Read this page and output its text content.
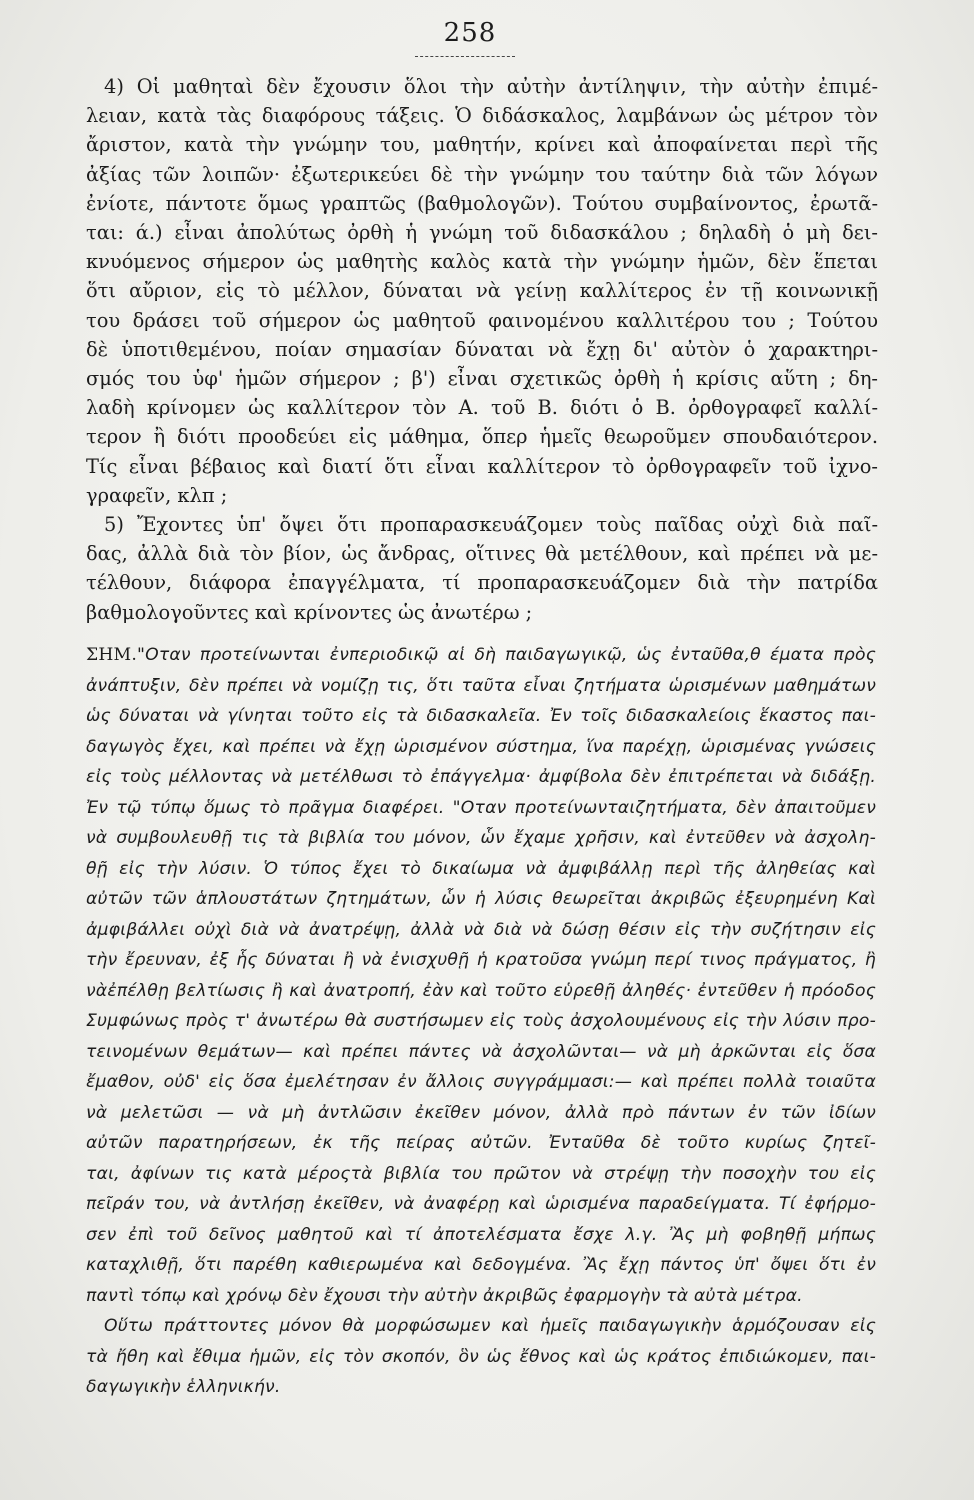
258

4) Οἱ μαθηταὶ δὲν ἔχουσιν ὅλοι τὴν αὐτὴν ἀντίληψιν, τὴν αὐτὴν ἐπιμέ-
λειαν, κατὰ τὰς διαφόρους τάξεις. Ὁ διδάσκαλος, λαμβάνων ὡς μέτρον τὸν
ἄριστον, κατὰ τὴν γνώμην του, μαθητήν, κρίνει καὶ ἀποφαίνεται περὶ τῆς
ἀξίας τῶν λοιπῶν· ἐξωτερικεύει δὲ τὴν γνώμην του ταύτην διὰ τῶν λόγων
ἐνίοτε, πάντοτε ὅμως γραπτῶς (βαθμολογῶν). Τούτου συμβαίνοντος, ἐρωτᾶ-
ται: ά.) εἶναι ἀπολύτως ὀρθὴ ἡ γνώμη τοῦ διδασκάλου ; δηλαδὴ ὁ μὴ δει-
κνυόμενος σήμερον ὡς μαθητὴς καλὸς κατὰ τὴν γνώμην ἡμῶν, δὲν ἕπεται
ὅτι αὔριον, εἰς τὸ μέλλον, δύναται νὰ γείνῃ καλλίτερος ἐν τῇ κοινωνικῇ
του δράσει τοῦ σήμερον ὡς μαθητοῦ φαινομένου καλλιτέρου του ; Τούτου
δὲ ὑποτιθεμένου, ποίαν σημασίαν δύναται νὰ ἔχῃ δι' αὐτὸν ὁ χαρακτηρι-
σμός του ὑφ' ἡμῶν σήμερον ; β') εἶναι σχετικῶς ὀρθὴ ἡ κρίσις αὕτη ; δη-
λαδὴ κρίνομεν ὡς καλλίτερον τὸν Α. τοῦ Β. διότι ὁ Β. ὀρθογραφεῖ καλλί-
τερον ἢ διότι προοδεύει εἰς μάθημα, ὅπερ ἡμεῖς θεωροῦμεν σπουδαιότερον.
Τίς εἶναι βέβαιος καὶ διατί ὅτι εἶναι καλλίτερον τὸ ὀρθογραφεῖν τοῦ ἰχνο-
γραφεῖν, κλπ ;

5) Ἔχοντες ὑπ' ὄψει ὅτι προπαρασκευάζομεν τοὺς παῖδας οὐχὶ διὰ παῖ-
δας, ἀλλὰ διὰ τὸν βίον, ὡς ἄνδρας, οἵτινες θὰ μετέλθουν, καὶ πρέπει νὰ με-
τέλθουν, διάφορα ἐπαγγέλματα, τί προπαρασκευάζομεν διὰ τὴν πατρίδα
βαθμολογοῦντες καὶ κρίνοντες ὡς ἀνωτέρω ;

ΣΗΜ."Οταν προτείνωνται ἐνπεριοδικῷ αἱ δὴ παιδαγωγικῷ, ὡς ἐνταῦθα,θ έματα πρὸς
ἀνάπτυξιν, δὲν πρέπει νὰ νομίζῃ τις, ὅτι ταῦτα εἶναι ζητήματα ὡρισμένων μαθημάτων
ὡς δύναται νὰ γίνηται τοῦτο εἰς τὰ διδασκαλεῖα. Ἐν τοῖς διδασκαλείοις ἕκαστος παι-
δαγωγὸς ἔχει, καὶ πρέπει νὰ ἔχῃ ὡρισμένον σύστημα, ἵνα παρέχῃ, ὡρισμένας γνώσεις
εἰς τοὺς μέλλοντας νὰ μετέλθωσι τὸ ἐπάγγελμα· ἀμφίβολα δὲν ἐπιτρέπεται νὰ διδάξῃ.
Ἐν τῷ τύπῳ ὅμως τὸ πρᾶγμα διαφέρει. "Οταν προτείνωνταιζητήματα, δὲν ἀπαιτοῦμεν
νὰ συμβουλευθῇ τις τὰ βιβλία του μόνον, ὧν ἔχαμε χρῆσιν, καὶ ἐντεῦθεν νὰ ἀσχολη-
θῇ εἰς τὴν λύσιν. Ὁ τύπος ἔχει τὸ δικαίωμα νὰ ἀμφιβάλλῃ περὶ τῆς ἀληθείας καὶ
αὐτῶν τῶν ἁπλουστάτων ζητημάτων, ὧν ἡ λύσις θεωρεῖται ἀκριβῶς ἐξευρημένη Καὶ
ἀμφιβάλλει οὐχὶ διὰ νὰ ἀνατρέψῃ, ἀλλὰ νὰ διὰ νὰ δώσῃ θέσιν εἰς τὴν συζήτησιν εἰς
τὴν ἔρευναν, ἐξ ἧς δύναται ἢ νὰ ἐνισχυθῇ ἡ κρατοῦσα γνώμη περί τινος πράγματος, ἢ
νὰἐπέλθῃ βελτίωσις ἢ καὶ ἀνατροπή, ἐὰν καὶ τοῦτο εὑρεθῇ ἀληθές· ἐντεῦθεν ἡ πρόοδος
Συμφώνως πρὸς τ' ἀνωτέρω θὰ συστήσωμεν εἰς τοὺς ἀσχολουμένους εἰς τὴν λύσιν προ-
τεινομένων θεμάτων— καὶ πρέπει πάντες νὰ ἀσχολῶνται— νὰ μὴ ἀρκῶνται εἰς ὅσα
ἔμαθον, οὐδ' εἰς ὅσα ἐμελέτησαν ἐν ἄλλοις συγγράμμασι:— καὶ πρέπει πολλὰ τοιαῦτα
νὰ μελετῶσι — νὰ μὴ ἀντλῶσιν ἐκεῖθεν μόνον, ἀλλὰ πρὸ πάντων ἐν τῶν ἰδίων
αὐτῶν παρατηρήσεων, ἐκ τῆς πείρας αὐτῶν. Ἐνταῦθα δὲ τοῦτο κυρίως ζητεῖ-
ται, ἀφίνων τις κατὰ μέροςτὰ βιβλία του πρῶτον νὰ στρέψῃ τὴν ποσοχὴν του εἰς
πεῖράν του, νὰ ἀντλήσῃ ἐκεῖθεν, νὰ ἀναφέρῃ καὶ ὡρισμένα παραδείγματα. Τί ἐφήρμο-
σεν ἐπὶ τοῦ δεῖνος μαθητοῦ καὶ τί ἀποτελέσματα ἔσχε λ.γ. Ἂς μὴ φοβηθῇ μήπως
καταχλιθῇ, ὅτι παρέθη καθιερωμένα καὶ δεδογμένα. Ἂς ἔχῃ πάντος ὑπ' ὄψει ὅτι ἐν
παντὶ τόπῳ καὶ χρόνῳ δὲν ἔχουσι τὴν αὐτὴν ἀκριβῶς ἐφαρμογὴν τὰ αὐτὰ μέτρα.
Οὕτω πράττοντες μόνον θὰ μορφώσωμεν καὶ ἡμεῖς παιδαγωγικὴν ἁρμόζουσαν εἰς
τὰ ἤθη καὶ ἔθιμα ἡμῶν, εἰς τὸν σκοπόν, ὃν ὡς ἔθνος καὶ ὡς κράτος ἐπιδιώκομεν, παι-
δαγωγικὴν ἑλληνικήν.
